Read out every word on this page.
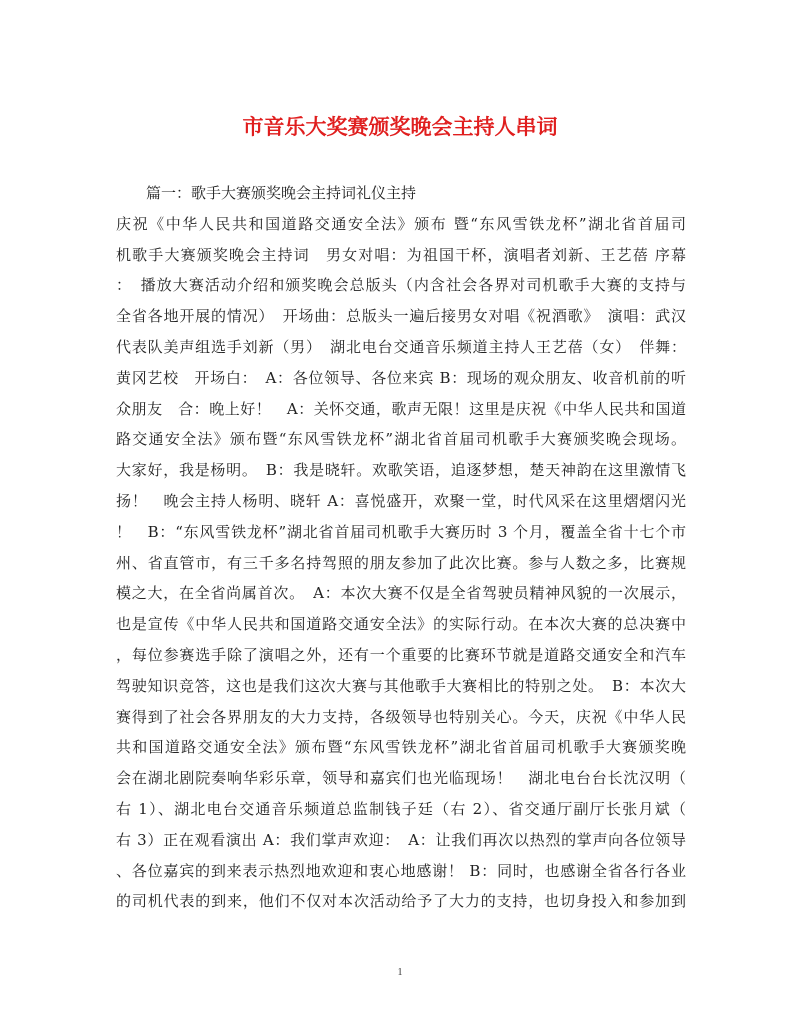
市音乐大奖赛颁奖晚会主持人串词
篇一：歌手大赛颁奖晚会主持词礼仪主持
庆祝《中华人民共和国道路交通安全法》颁布 暨“东风雪铁龙杯”湖北省首届司
机歌手大赛颁奖晚会主持词　男女对唱：为祖国干杯，演唱者刘新、王艺蓓 序幕
：　播放大赛活动介绍和颁奖晚会总版头（内含社会各界对司机歌手大赛的支持与
全省各地开展的情况）　开场曲：总版头一遍后接男女对唱《祝酒歌》　演唱：武汉
代表队美声组选手刘新（男）　湖北电台交通音乐频道主持人王艺蓓（女）　伴舞：
黄冈艺校　开场白：　A：各位领导、各位来宾 B：现场的观众朋友、收音机前的听
众朋友　合：晚上好！　A：关怀交通，歌声无限！这里是庆祝《中华人民共和国道
路交通安全法》颁布暨“东风雪铁龙杯”湖北省首届司机歌手大赛颁奖晚会现场。
大家好，我是杨明。　B：我是晓轩。欢歌笑语，追逐梦想，楚天神韵在这里激情飞
扬！　晚会主持人杨明、晓轩 A：喜悦盛开，欢聚一堂，时代风采在这里熠熠闪光
！　B：“东风雪铁龙杯”湖北省首届司机歌手大赛历时 3 个月，覆盖全省十七个市
州、省直管市，有三千多名持驾照的朋友参加了此次比赛。参与人数之多，比赛规
模之大，在全省尚属首次。　A：本次大赛不仅是全省驾驶员精神风貌的一次展示，
也是宣传《中华人民共和国道路交通安全法》的实际行动。在本次大赛的总决赛中
，每位参赛选手除了演唱之外，还有一个重要的比赛环节就是道路交通安全和汽车
驾驶知识竞答，这也是我们这次大赛与其他歌手大赛相比的特别之处。　B：本次大
赛得到了社会各界朋友的大力支持，各级领导也特别关心。今天，庆祝《中华人民
共和国道路交通安全法》颁布暨“东风雪铁龙杯”湖北省首届司机歌手大赛颁奖晚
会在湖北剧院奏响华彩乐章，领导和嘉宾们也光临现场！　湖北电台台长沈汉明（
右 1）、湖北电台交通音乐频道总监制钱子廷（右 2）、省交通厅副厅长张月斌（
右 3）正在观看演出 A：我们掌声欢迎：　A：让我们再次以热烈的掌声向各位领导
、各位嘉宾的到来表示热烈地欢迎和衷心地感谢！ B：同时，也感谢全省各行各业
的司机代表的到来，他们不仅对本次活动给予了大力的支持，也切身投入和参加到
1
